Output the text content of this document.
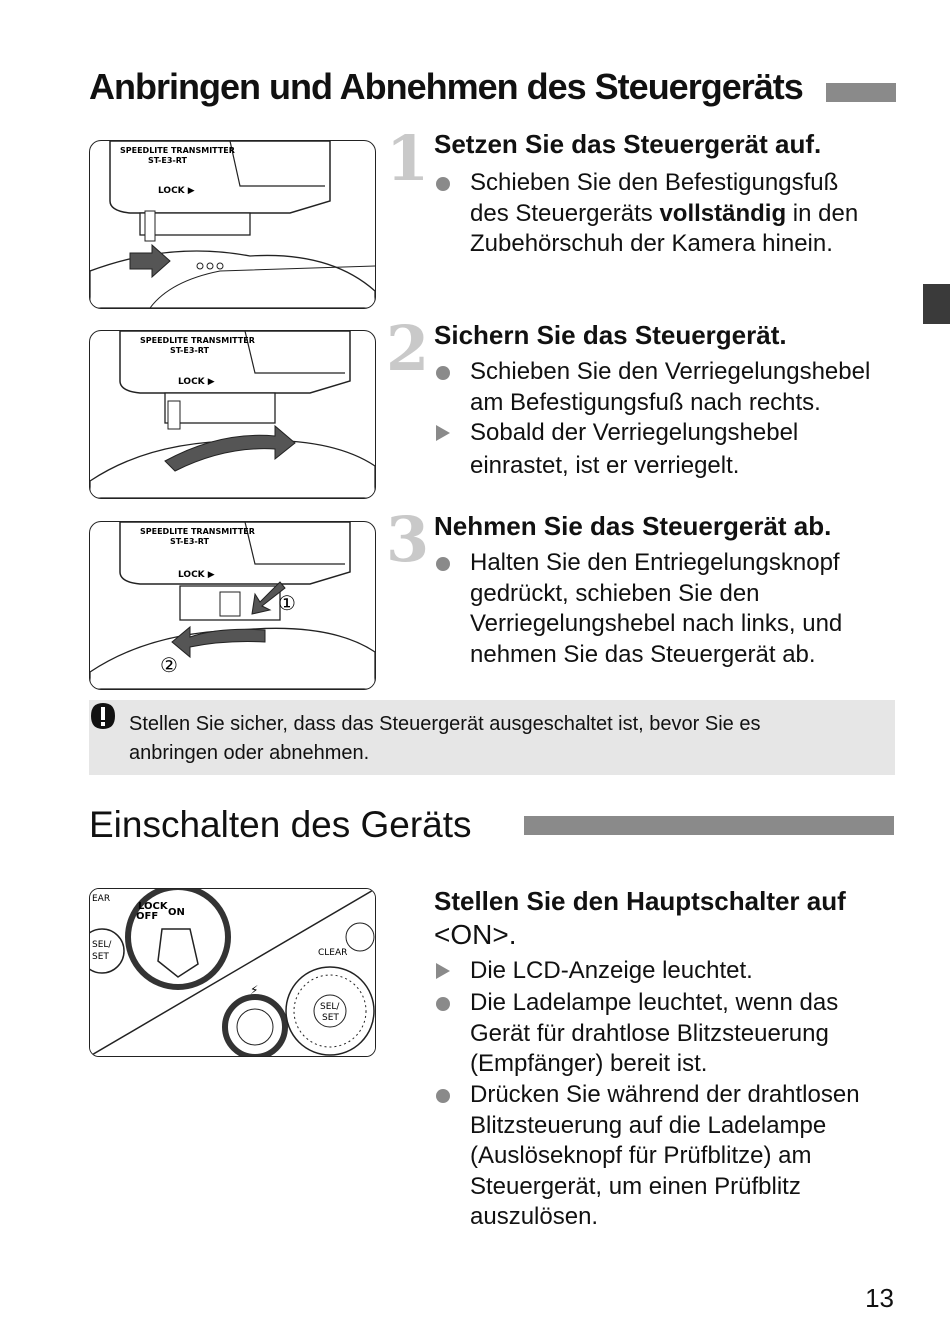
Anbringen und Abnehmen des Steuergeräts
SPEEDLITE TRANSMITTER
ST-E3-RT
LOCK ▶	1 Setzen Sie das Steuergerät auf.
Schieben Sie den Befestigungsfuß
des Steuergeräts vollständig in den
Zubehörschuh der Kamera hinein.
SPEEDLITE TRANSMITTER
ST-E3-RT
LOCK ▶	2 Sichern Sie das Steuergerät.
Schieben Sie den Verriegelungshebel
am Befestigungsfuß nach rechts.
Sobald der Verriegelungshebel
einrastet, ist er verriegelt.
SPEEDLITE TRANSMITTER
ST-E3-RT
LOCK ▶
①
②
3 Nehmen Sie das Steuergerät ab.
Halten Sie den Entriegelungsknopf
gedrückt, schieben Sie den
Verriegelungshebel nach links, und
nehmen Sie das Steuergerät ab.
Stellen Sie sicher, dass das Steuergerät ausgeschaltet ist, bevor Sie es
anbringen oder abnehmen.
Einschalten des Geräts
EAR
SEL/
SET
LOCK
OFF ON
⚡
SEL/
SET
CLEAR
Stellen Sie den Hauptschalter auf
<ON>.
Die LCD-Anzeige leuchtet.
Die Ladelampe leuchtet, wenn das
Gerät für drahtlose Blitzsteuerung
(Empfänger) bereit ist.
Drücken Sie während der drahtlosen
Blitzsteuerung auf die Ladelampe
(Auslöseknopf für Prüfblitze) am
Steuergerät, um einen Prüfblitz
auszulösen.
13
